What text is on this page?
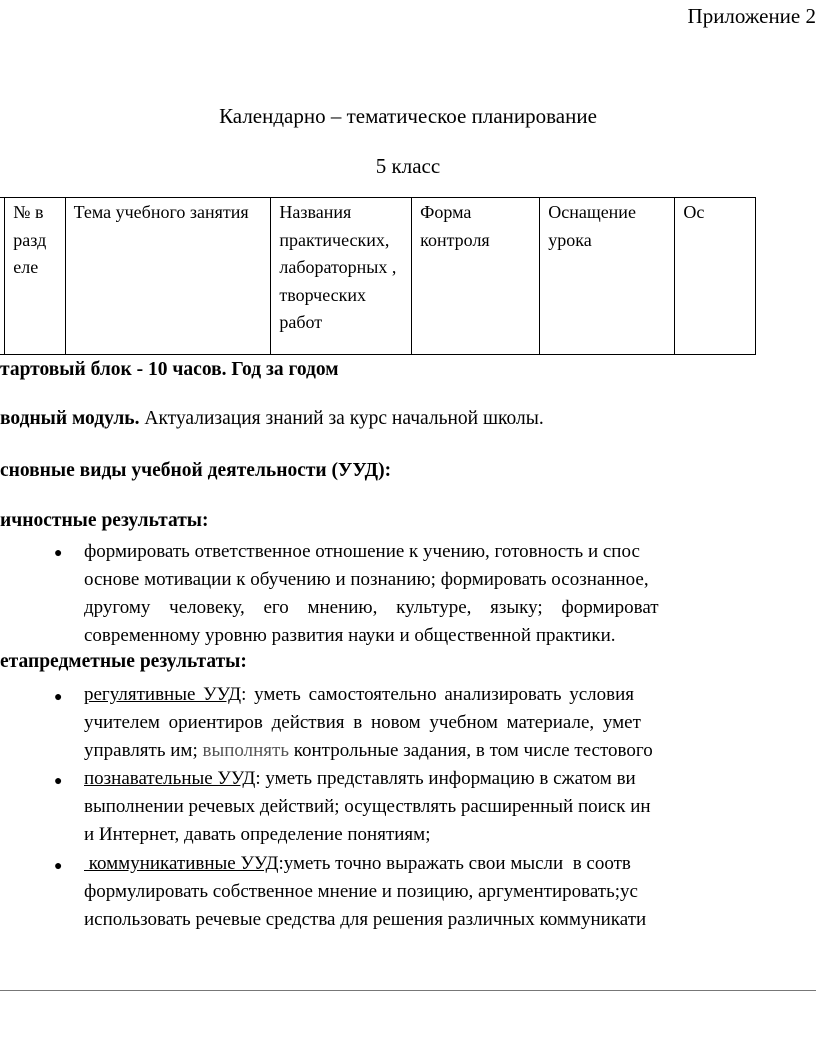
Приложение 2
Календарно – тематическое планирование
5 класс
	№ в разд еле	Тема учебного занятия	Названия практических, лабораторных , творческих работ	Форма контроля	Оснащение урока	Ос
тартовый блок - 10 часов. Год за годом
водный модуль. Актуализация знаний за курс начальной школы.
сновные виды учебной деятельности (УУД):
ичностные результаты:
● формировать ответственное отношение к учению, готовность и спос
основе мотивации к обучению и познанию; формировать осознанное,
другому человеку, его мнению, культуре, языку; формироват
современному уровню развития науки и общественной практики.
етапредметные результаты:
● регулятивные УУД: уметь самостоятельно анализировать условия
учителем ориентиров действия в новом учебном материале, умет
управлять им; выполнять контрольные задания, в том числе тестового
● познавательные УУД: уметь представлять информацию в сжатом ви
выполнении речевых действий; осуществлять расширенный поиск ин
и Интернет, давать определение понятиям;
● коммуникативные УУД:уметь точно выражать свои мысли  в соотв
формулировать собственное мнение и позицию, аргументировать;ус
использовать речевые средства для решения различных коммуникати
